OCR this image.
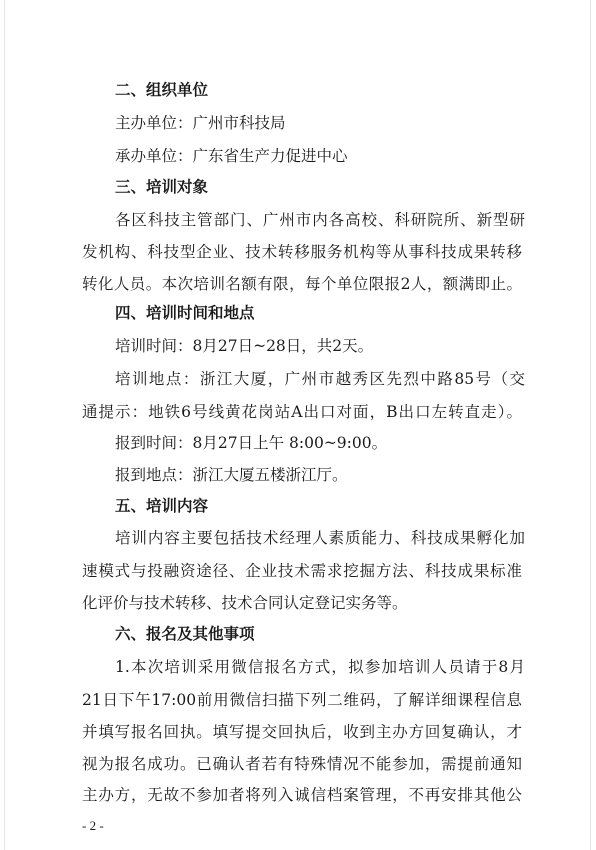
二、组织单位
主办单位：广州市科技局
承办单位：广东省生产力促进中心
三、培训对象
各区科技主管部门、广州市内各高校、科研院所、新型研
发机构、科技型企业、技术转移服务机构等从事科技成果转移
转化人员。本次培训名额有限，每个单位限报2人，额满即止。
四、培训时间和地点
培训时间：8月27日~28日，共2天。
培训地点：浙江大厦，广州市越秀区先烈中路85号（交
通提示：地铁6号线黄花岗站A出口对面，B出口左转直走）。
报到时间：8月27日上午 8:00~9:00。
报到地点：浙江大厦五楼浙江厅。
五、培训内容
培训内容主要包括技术经理人素质能力、科技成果孵化加
速模式与投融资途径、企业技术需求挖掘方法、科技成果标准
化评价与技术转移、技术合同认定登记实务等。
六、报名及其他事项
1.本次培训采用微信报名方式，拟参加培训人员请于8月
21日下午17:00前用微信扫描下列二维码，了解详细课程信息
并填写报名回执。填写提交回执后，收到主办方回复确认，才
视为报名成功。已确认者若有特殊情况不能参加，需提前通知
主办方，无故不参加者将列入诚信档案管理，不再安排其他公
- 2 -
